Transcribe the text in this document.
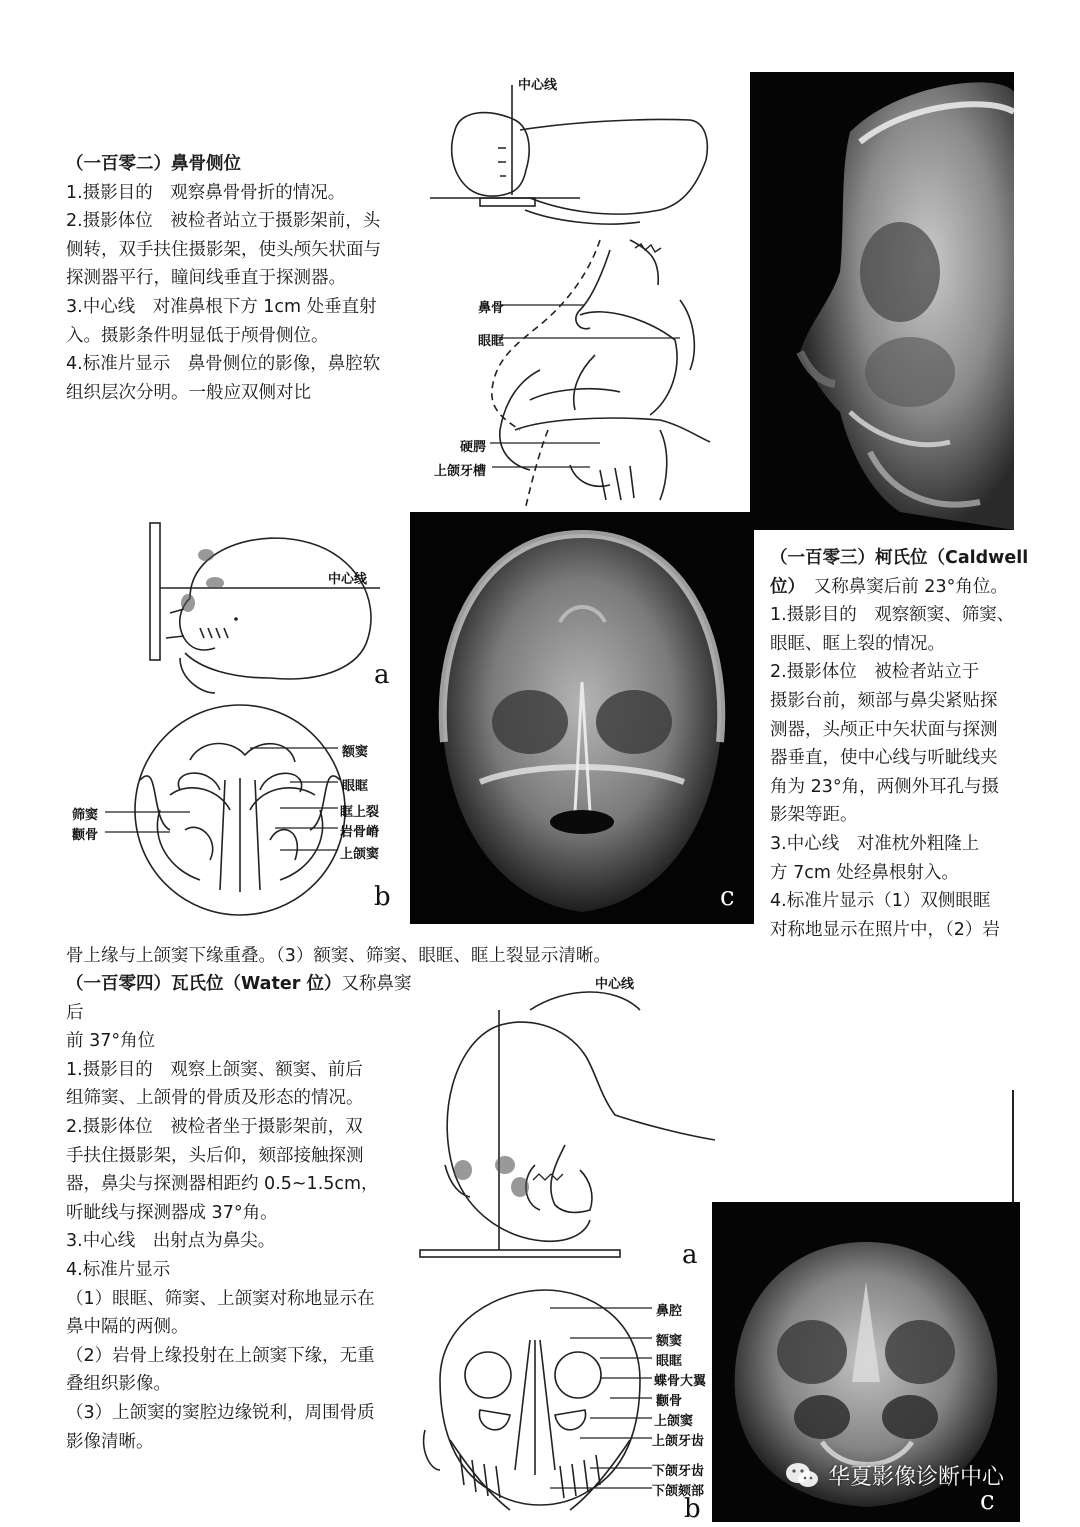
（一百零二）鼻骨侧位

1.摄影目的　观察鼻骨骨折的情况。

2.摄影体位　被检者站立于摄影架前，头

侧转，双手扶住摄影架，使头颅矢状面与

探测器平行，瞳间线垂直于探测器。

3.中心线　对准鼻根下方 1cm 处垂直射

入。摄影条件明显低于颅骨侧位。

4.标准片显示　鼻骨侧位的影像，鼻腔软

组织层次分明。一般应双侧对比

中心线
鼻骨
眼眶
硬腭
上颌牙槽
中心线
a
额窦
眼眶
眶上裂
岩骨嵴
上颌窦
筛窦
颧骨
b	c

（一百零三）柯氏位（Caldwell

位）　 又称鼻窦后前 23°角位。

1.摄影目的　观察额窦、筛窦、

眼眶、眶上裂的情况。

2.摄影体位　被检者站立于

摄影台前，颏部与鼻尖紧贴探

测器，头颅正中矢状面与探测

器垂直，使中心线与听眦线夹

角为 23°角，两侧外耳孔与摄

影架等距。

3.中心线　对准枕外粗隆上

方 7cm 处经鼻根射入。

4.标准片显示（1）双侧眼眶

对称地显示在照片中，（2）岩

骨上缘与上颌窦下缘重叠。（3）额窦、筛窦、眼眶、眶上裂显示清晰。

（一百零四）瓦氏位（Water 位）又称鼻窦后

前 37°角位

1.摄影目的　观察上颌窦、额窦、前后

组筛窦、上颌骨的骨质及形态的情况。

2.摄影体位　被检者坐于摄影架前，双

手扶住摄影架，头后仰，颏部接触探测

器，鼻尖与探测器相距约 0.5~1.5cm，

听眦线与探测器成 37°角。

3.中心线　出射点为鼻尖。

4.标准片显示

（1）眼眶、筛窦、上颌窦对称地显示在

鼻中隔的两侧。

（2）岩骨上缘投射在上颌窦下缘，无重

叠组织影像。

（3）上颌窦的窦腔边缘锐利，周围骨质

影像清晰。

中心线
a
鼻腔
额窦
眼眶
蝶骨大翼
颧骨
上颌窦
上颌牙齿
下颌牙齿
下颌颏部
b	c
华夏影像诊断中心
